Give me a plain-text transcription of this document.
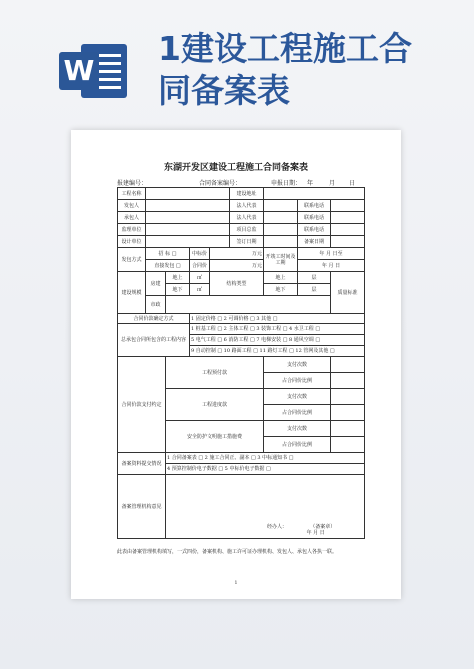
W
1建设工程施工合
同备案表
东湖开发区建设工程施工合同备案表
报建编号：	合同备案编号：	申报日期： 年	月 日
工程名称					建设地址			
发包人					法人代表		联系电话	
承包人					法人代表		联系电话	
监理单位					项目总监		联系电话	
设计单位					签订日期		备案日期	
发包方式	招 标 □		中标价	万元		开竣工时间及工期	年 月 日至	
	直接发包 □		合同价	万元			年 月 日	
建设规模	房建	地上	㎡	结构类型		地上	层	质量标准
		地下	㎡			地下	层	
	市政							
合同价款确定方式			1 固定价格 □ 2 可调价格 □ 3 其他 □					
总承包合同所包含的工程内容			1 桩基工程 □ 2 主体工程 □ 3 装饰工程 □ 4 水卫工程 □					
			5 电气工程 □ 6 消防工程 □ 7 电梯安装 □ 8 通风空调 □					
			9 自动控制 □ 10 路面工程 □ 11 路灯工程 □ 12 管网及其他 □					
合同价款支付约定		工程预付款				支付次数		
						占合同价比例		
		工程进度款				支付次数		
						占合同价比例		
		安全防护文明施工措施费				支付次数		
						占合同价比例		
备案资料提交情况		1 合同备案表 □ 2 施工合同正、副本 □ 3 中标通知书 □						
		4 预算控制价电子数据 □ 5 中标价电子数据 □						
备案管理机构意见		经办人： （备案章）
年 月 日						
此表由备案管理机构填写，一式四份，备案机构、施工许可证办理机构、发包人、承包人各执一联。
1
